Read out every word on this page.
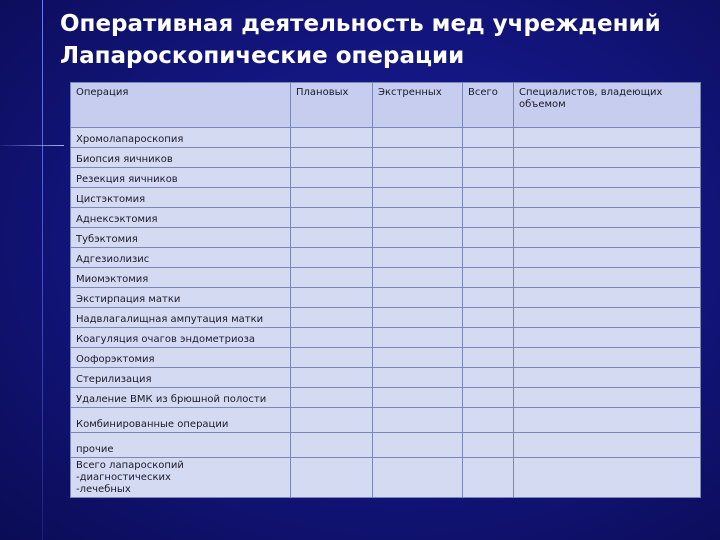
Оперативная деятельность мед учреждений
Лапароскопические операции
Операция	Плановых	Экстренных	Всего	Специалистов, владеющих объемом
Хромолапароскопия				
Биопсия яичников				
Резекция яичников				
Цистэктомия				
Аднексэктомия				
Тубэктомия				
Адгезиолизис				
Миомэктомия				
Экстирпация матки				
Надвлагалищная ампутация матки				
Коагуляция очагов эндометриоза				
Оофорэктомия				
Стерилизация				
Удаление ВМК из брюшной полости				
Комбинированные операции				
прочие				
Всего лапароскопий
-диагностических
-лечебных				
